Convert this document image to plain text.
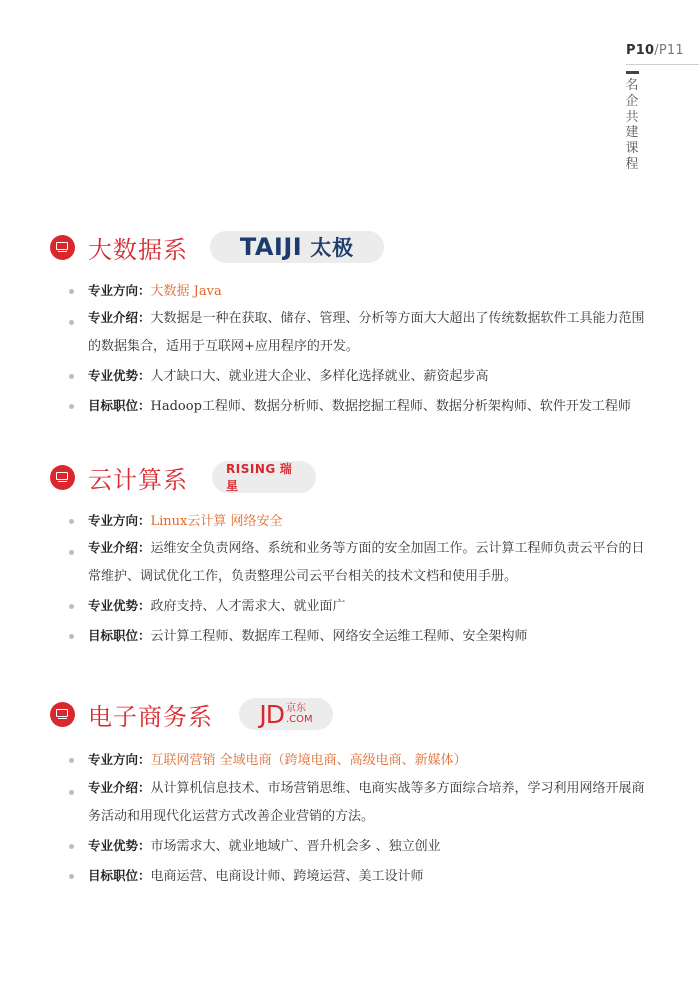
P10/P11
名企共建课程
大数据系 TAIJI 太极
专业方向：大数据 Java
专业介绍：大数据是一种在获取、储存、管理、分析等方面大大超出了传统数据软件工具能力范围的数据集合，适用于互联网+应用程序的开发。
专业优势：人才缺口大、就业进大企业、多样化选择就业、薪资起步高
目标职位：Hadoop工程师、数据分析师、数据挖掘工程师、数据分析架构师、软件开发工程师
云计算系	RISING 瑞星
专业方向：Linux云计算 网络安全
专业介绍：运维安全负责网络、系统和业务等方面的安全加固工作。云计算工程师负责云平台的日常维护、调试优化工作，负责整理公司云平台相关的技术文档和使用手册。
专业优势：政府支持、人才需求大、就业面广
目标职位：云计算工程师、数据库工程师、网络安全运维工程师、安全架构师
电子商务系 JD 京东
.COM
专业方向：互联网营销 全域电商（跨境电商、高级电商、新媒体）
专业介绍：从计算机信息技术、市场营销思维、电商实战等多方面综合培养，学习利用网络开展商务活动和用现代化运营方式改善企业营销的方法。
专业优势：市场需求大、就业地域广、晋升机会多 、独立创业
目标职位：电商运营、电商设计师、跨境运营、美工设计师
